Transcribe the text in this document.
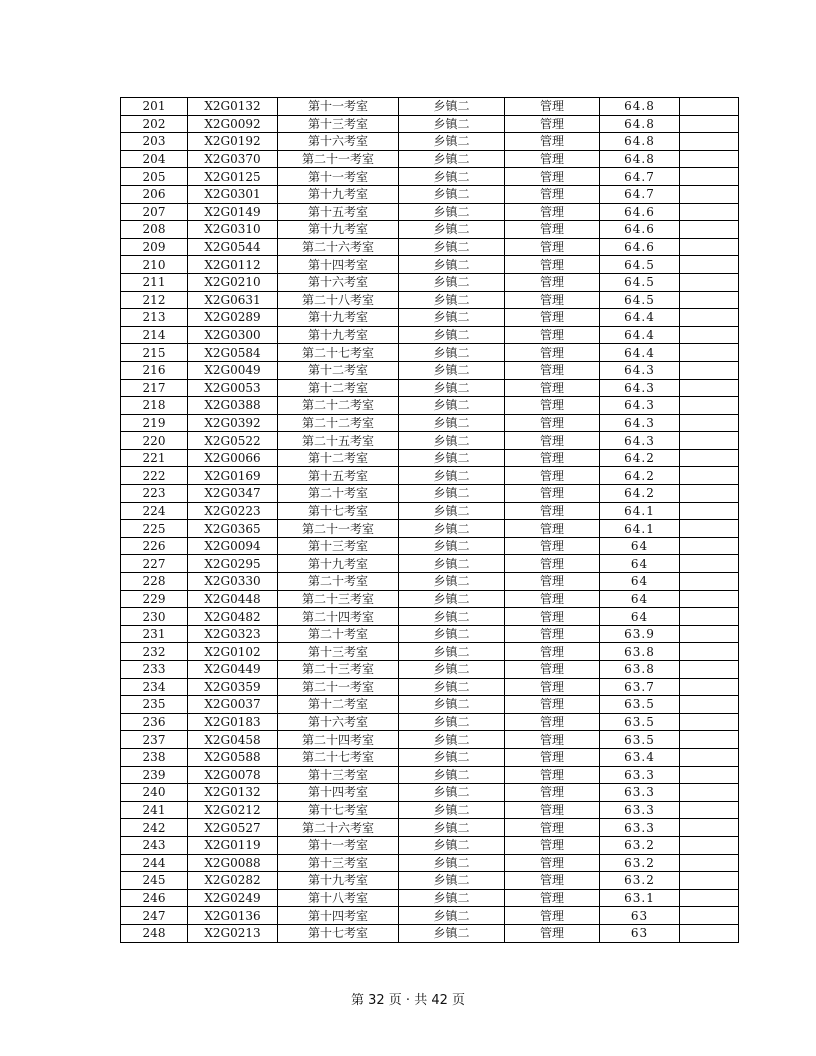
201	X2G0132	第十一考室	乡镇二	管理	64.8	
202	X2G0092	第十三考室	乡镇二	管理	64.8	
203	X2G0192	第十六考室	乡镇二	管理	64.8	
204	X2G0370	第二十一考室	乡镇二	管理	64.8	
205	X2G0125	第十一考室	乡镇二	管理	64.7	
206	X2G0301	第十九考室	乡镇二	管理	64.7	
207	X2G0149	第十五考室	乡镇二	管理	64.6	
208	X2G0310	第十九考室	乡镇二	管理	64.6	
209	X2G0544	第二十六考室	乡镇二	管理	64.6	
210	X2G0112	第十四考室	乡镇二	管理	64.5	
211	X2G0210	第十六考室	乡镇二	管理	64.5	
212	X2G0631	第二十八考室	乡镇二	管理	64.5	
213	X2G0289	第十九考室	乡镇二	管理	64.4	
214	X2G0300	第十九考室	乡镇二	管理	64.4	
215	X2G0584	第二十七考室	乡镇二	管理	64.4	
216	X2G0049	第十二考室	乡镇二	管理	64.3	
217	X2G0053	第十二考室	乡镇二	管理	64.3	
218	X2G0388	第二十二考室	乡镇二	管理	64.3	
219	X2G0392	第二十二考室	乡镇二	管理	64.3	
220	X2G0522	第二十五考室	乡镇二	管理	64.3	
221	X2G0066	第十二考室	乡镇二	管理	64.2	
222	X2G0169	第十五考室	乡镇二	管理	64.2	
223	X2G0347	第二十考室	乡镇二	管理	64.2	
224	X2G0223	第十七考室	乡镇二	管理	64.1	
225	X2G0365	第二十一考室	乡镇二	管理	64.1	
226	X2G0094	第十三考室	乡镇二	管理	64	
227	X2G0295	第十九考室	乡镇二	管理	64	
228	X2G0330	第二十考室	乡镇二	管理	64	
229	X2G0448	第二十三考室	乡镇二	管理	64	
230	X2G0482	第二十四考室	乡镇二	管理	64	
231	X2G0323	第二十考室	乡镇二	管理	63.9	
232	X2G0102	第十三考室	乡镇二	管理	63.8	
233	X2G0449	第二十三考室	乡镇二	管理	63.8	
234	X2G0359	第二十一考室	乡镇二	管理	63.7	
235	X2G0037	第十二考室	乡镇二	管理	63.5	
236	X2G0183	第十六考室	乡镇二	管理	63.5	
237	X2G0458	第二十四考室	乡镇二	管理	63.5	
238	X2G0588	第二十七考室	乡镇二	管理	63.4	
239	X2G0078	第十三考室	乡镇二	管理	63.3	
240	X2G0132	第十四考室	乡镇二	管理	63.3	
241	X2G0212	第十七考室	乡镇二	管理	63.3	
242	X2G0527	第二十六考室	乡镇二	管理	63.3	
243	X2G0119	第十一考室	乡镇二	管理	63.2	
244	X2G0088	第十三考室	乡镇二	管理	63.2	
245	X2G0282	第十九考室	乡镇二	管理	63.2	
246	X2G0249	第十八考室	乡镇二	管理	63.1	
247	X2G0136	第十四考室	乡镇二	管理	63	
248	X2G0213	第十七考室	乡镇二	管理	63	
第 32 页 · 共 42 页
